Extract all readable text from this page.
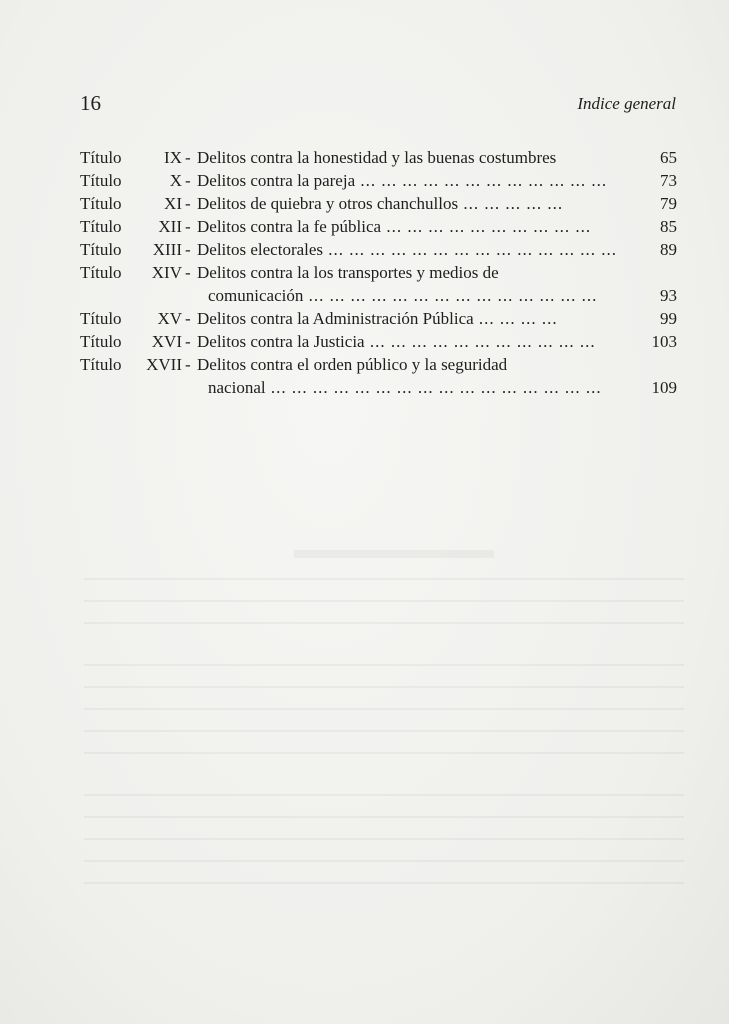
16	Indice general
Título	IX - Delitos contra la honestidad y las buenas costumbres	65
Título	X - Delitos contra la pareja ... ... ... ... ... ... ... ... ... ... ... ...	73
Título	XI - Delitos de quiebra y otros chanchullos ... ... ... ... ...	79
Título	XII - Delitos contra la fe pública ... ... ... ... ... ... ... ... ... ...	85
Título	XIII - Delitos electorales ... ... ... ... ... ... ... ... ... ... ... ... ... ...	89
Título	XIV - Delitos contra la los transportes y medios de
comunicación ... ... ... ... ... ... ... ... ... ... ... ... ... ...	93
Título	XV - Delitos contra la Administración Pública ... ... ... ...	99
Título	XVI - Delitos contra la Justicia ... ... ... ... ... ... ... ... ... ... ...	103
Título	XVII - Delitos contra el orden público y la seguridad
nacional ... ... ... ... ... ... ... ... ... ... ... ... ... ... ... ...	109
